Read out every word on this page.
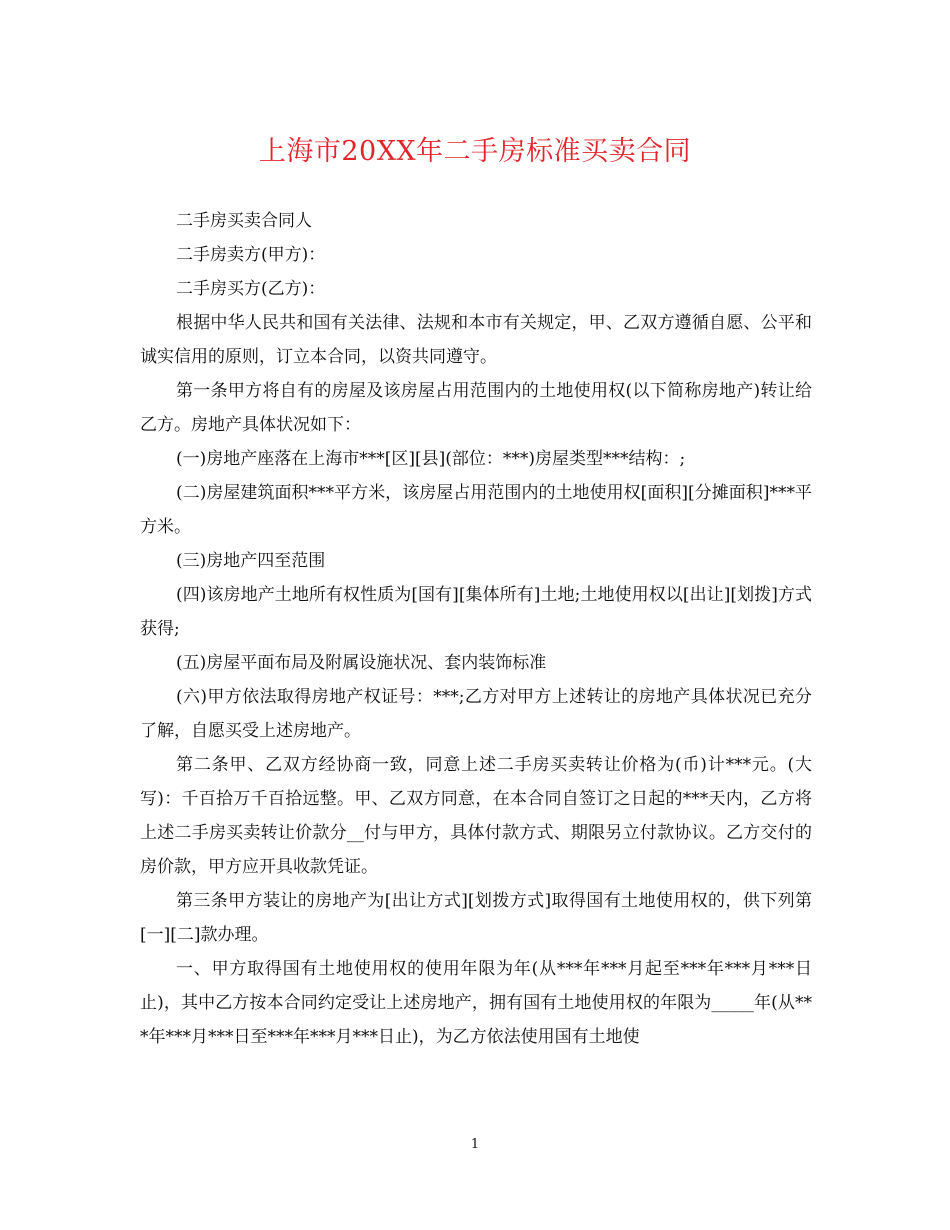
上海市20XX年二手房标准买卖合同

二手房买卖合同人

二手房卖方(甲方)：

二手房买方(乙方)：

根据中华人民共和国有关法律、法规和本市有关规定，甲、乙双方遵循自愿、公平和诚实信用的原则，订立本合同，以资共同遵守。

第一条甲方将自有的房屋及该房屋占用范围内的土地使用权(以下简称房地产)转让给乙方。房地产具体状况如下：

(一)房地产座落在上海市***[区][县](部位：***)房屋类型***结构：;

(二)房屋建筑面积***平方米，该房屋占用范围内的土地使用权[面积][分摊面积]***平方米。

(三)房地产四至范围

(四)该房地产土地所有权性质为[国有][集体所有]土地;土地使用权以[出让][划拨]方式获得;

(五)房屋平面布局及附属设施状况、套内装饰标准

(六)甲方依法取得房地产权证号：***;乙方对甲方上述转让的房地产具体状况已充分了解，自愿买受上述房地产。

第二条甲、乙双方经协商一致，同意上述二手房买卖转让价格为(币)计***元。(大写)：千百拾万千百拾远整。甲、乙双方同意，在本合同自签订之日起的***天内，乙方将上述二手房买卖转让价款分__付与甲方，具体付款方式、期限另立付款协议。乙方交付的房价款，甲方应开具收款凭证。

第三条甲方装让的房地产为[出让方式][划拨方式]取得国有土地使用权的，供下列第[一][二]款办理。

一、甲方取得国有土地使用权的使用年限为年(从***年***月起至***年***月***日止)，其中乙方按本合同约定受让上述房地产，拥有国有土地使用权的年限为_____年(从***年***月***日至***年***月***日止)，为乙方依法使用国有土地使

1
